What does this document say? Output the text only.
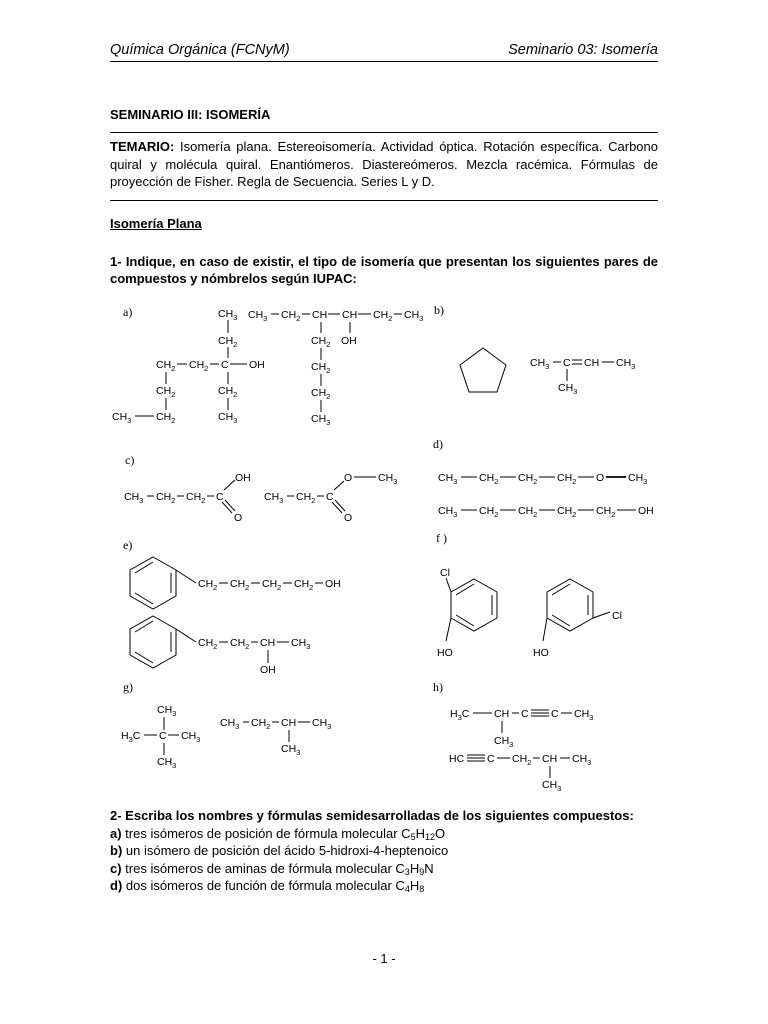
Química Orgánica (FCNyM)	Seminario 03: Isomería
SEMINARIO III: ISOMERÍA
TEMARIO: Isomería plana. Estereoisomería. Actividad óptica. Rotación específica. Carbono quiral y molécula quiral. Enantiómeros. Diastereómeros. Mezcla racémica. Fórmulas de proyección de Fisher. Regla de Secuencia. Series L y D.
Isomería Plana
1- Indique, en caso de existir, el tipo de isomería que presentan los siguientes pares de compuestos y nómbrelos según IUPAC:
a)	b)
c)
d)
e)	f )
g)	h)
$CH_3$
$CH_2$
$CH_2$ $CH_2$ C OH
$CH_2$	$CH_2$
$CH_3$ $CH_2$	$CH_3$
$CH_3$ $CH_2$ CH CH $CH_2$ $CH_3$
$CH_2$ OH
$CH_2$
$CH_2$
$CH_3$
$CH_3$ C CH $CH_3$
$CH_3$
$CH_3$ $CH_2$ $CH_2$ C
OH
O
$CH_3$ $CH_2$ C
O $CH_3$
O
$CH_3$ $CH_2$ $CH_2$ $CH_2$ O $CH_3$
$CH_3$ $CH_2$ $CH_2$ $CH_2$ $CH_2$ OH
$CH_2$ $CH_2$ $CH_2$ $CH_2$ OH
$CH_2$ $CH_2$ CH $CH_3$
OH
Cl
HO
Cl
HO
$CH_3$
$H_3C$ C $CH_3$
$CH_3$
$CH_3$ $CH_2$ CH $CH_3$
$CH_3$
$H_3C$ CH C C $CH_3$
$CH_3$
HC C $CH_2$ CH $CH_3$
$CH_3$
2- Escriba los nombres y fórmulas semidesarrolladas de los siguientes compuestos:
a) tres isómeros de posición de fórmula molecular $C_5H_{12}O$
b) un isómero de posición del ácido 5-hidroxi-4-heptenoico
c) tres isómeros de aminas de fórmula molecular $C_3H_9N$
d) dos isómeros de función de fórmula molecular $C_4H_8$
- 1 -
